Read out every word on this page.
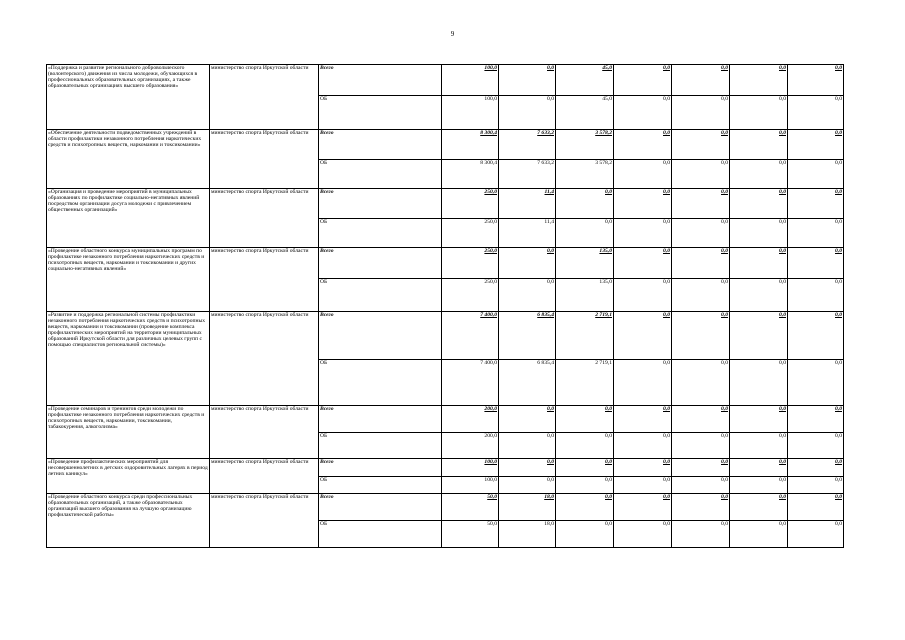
9
«Поддержка и развитие регионального добровольческого (волонтерского) движения из числа молодежи, обучающихся в профессиональных образовательных организациях, а также образовательных организациях высшего образования»	министерство спорта Иркутской области	Всего	100,0	0,0	45,0	0,0	0,0	0,0	0,0
		ОБ	100,0	0,0	45,0	0,0	0,0	0,0	0,0
«Обеспечение деятельности подведомственных учреждений в области профилактики незаконного потребления наркотических средств и психотропных веществ, наркомании и токсикомании»	министерство спорта Иркутской области	Всего	8 300,4	7 633,2	3 578,2	0,0	0,0	0,0	0,0
		ОБ	8 300,4	7 633,2	3 578,2	0,0	0,0	0,0	0,0
«Организация и проведение мероприятий в муниципальных образованиях по профилактике социально-негативных явлений посредством организации досуга молодежи с привлечением общественных организаций»	министерство спорта Иркутской области	Всего	250,0	11,4	0,0	0,0	0,0	0,0	0,0
		ОБ	250,0	11,4	0,0	0,0	0,0	0,0	0,0
«Проведение областного конкурса муниципальных программ по профилактике незаконного потребления наркотических средств и психотропных веществ, наркомании и токсикомании и других социально-негативных явлений»	министерство спорта Иркутской области	Всего	250,0	0,0	135,0	0,0	0,0	0,0	0,0
		ОБ	250,0	0,0	135,0	0,0	0,0	0,0	0,0
«Развитие и поддержка региональной системы профилактики незаконного потребления наркотических средств и психотропных веществ, наркомании и токсикомании (проведение комплекса профилактических мероприятий на территории муниципальных образований Иркутской области для различных целевых групп с помощью специалистов региональной системы)»	министерство спорта Иркутской области	Всего	7 400,0	6 835,4	2 719,1	0,0	0,0	0,0	0,0
		ОБ	7 400,0	6 835,4	2 719,1	0,0	0,0	0,0	0,0
«Проведение семинаров и тренингов среди молодежи по профилактике незаконного потребления наркотических средств и психотропных веществ, наркомании, токсикомании, табакокурения, алкоголизма»	министерство спорта Иркутской области	Всего	200,0	0,0	0,0	0,0	0,0	0,0	0,0
		ОБ	200,0	0,0	0,0	0,0	0,0	0,0	0,0
«Проведение профилактических мероприятий для несовершеннолетних в детских оздоровительных лагерях в период летних каникул»	министерство спорта Иркутской области	Всего	100,0	0,0	0,0	0,0	0,0	0,0	0,0
		ОБ	100,0	0,0	0,0	0,0	0,0	0,0	0,0
«Проведение областного конкурса среди профессиональных образовательных организаций, а также образовательных организаций высшего образования на лучшую организацию профилактической работы»	министерство спорта Иркутской области	Всего	50,0	18,0	0,0	0,0	0,0	0,0	0,0
		ОБ	50,0	18,0	0,0	0,0	0,0	0,0	0,0
